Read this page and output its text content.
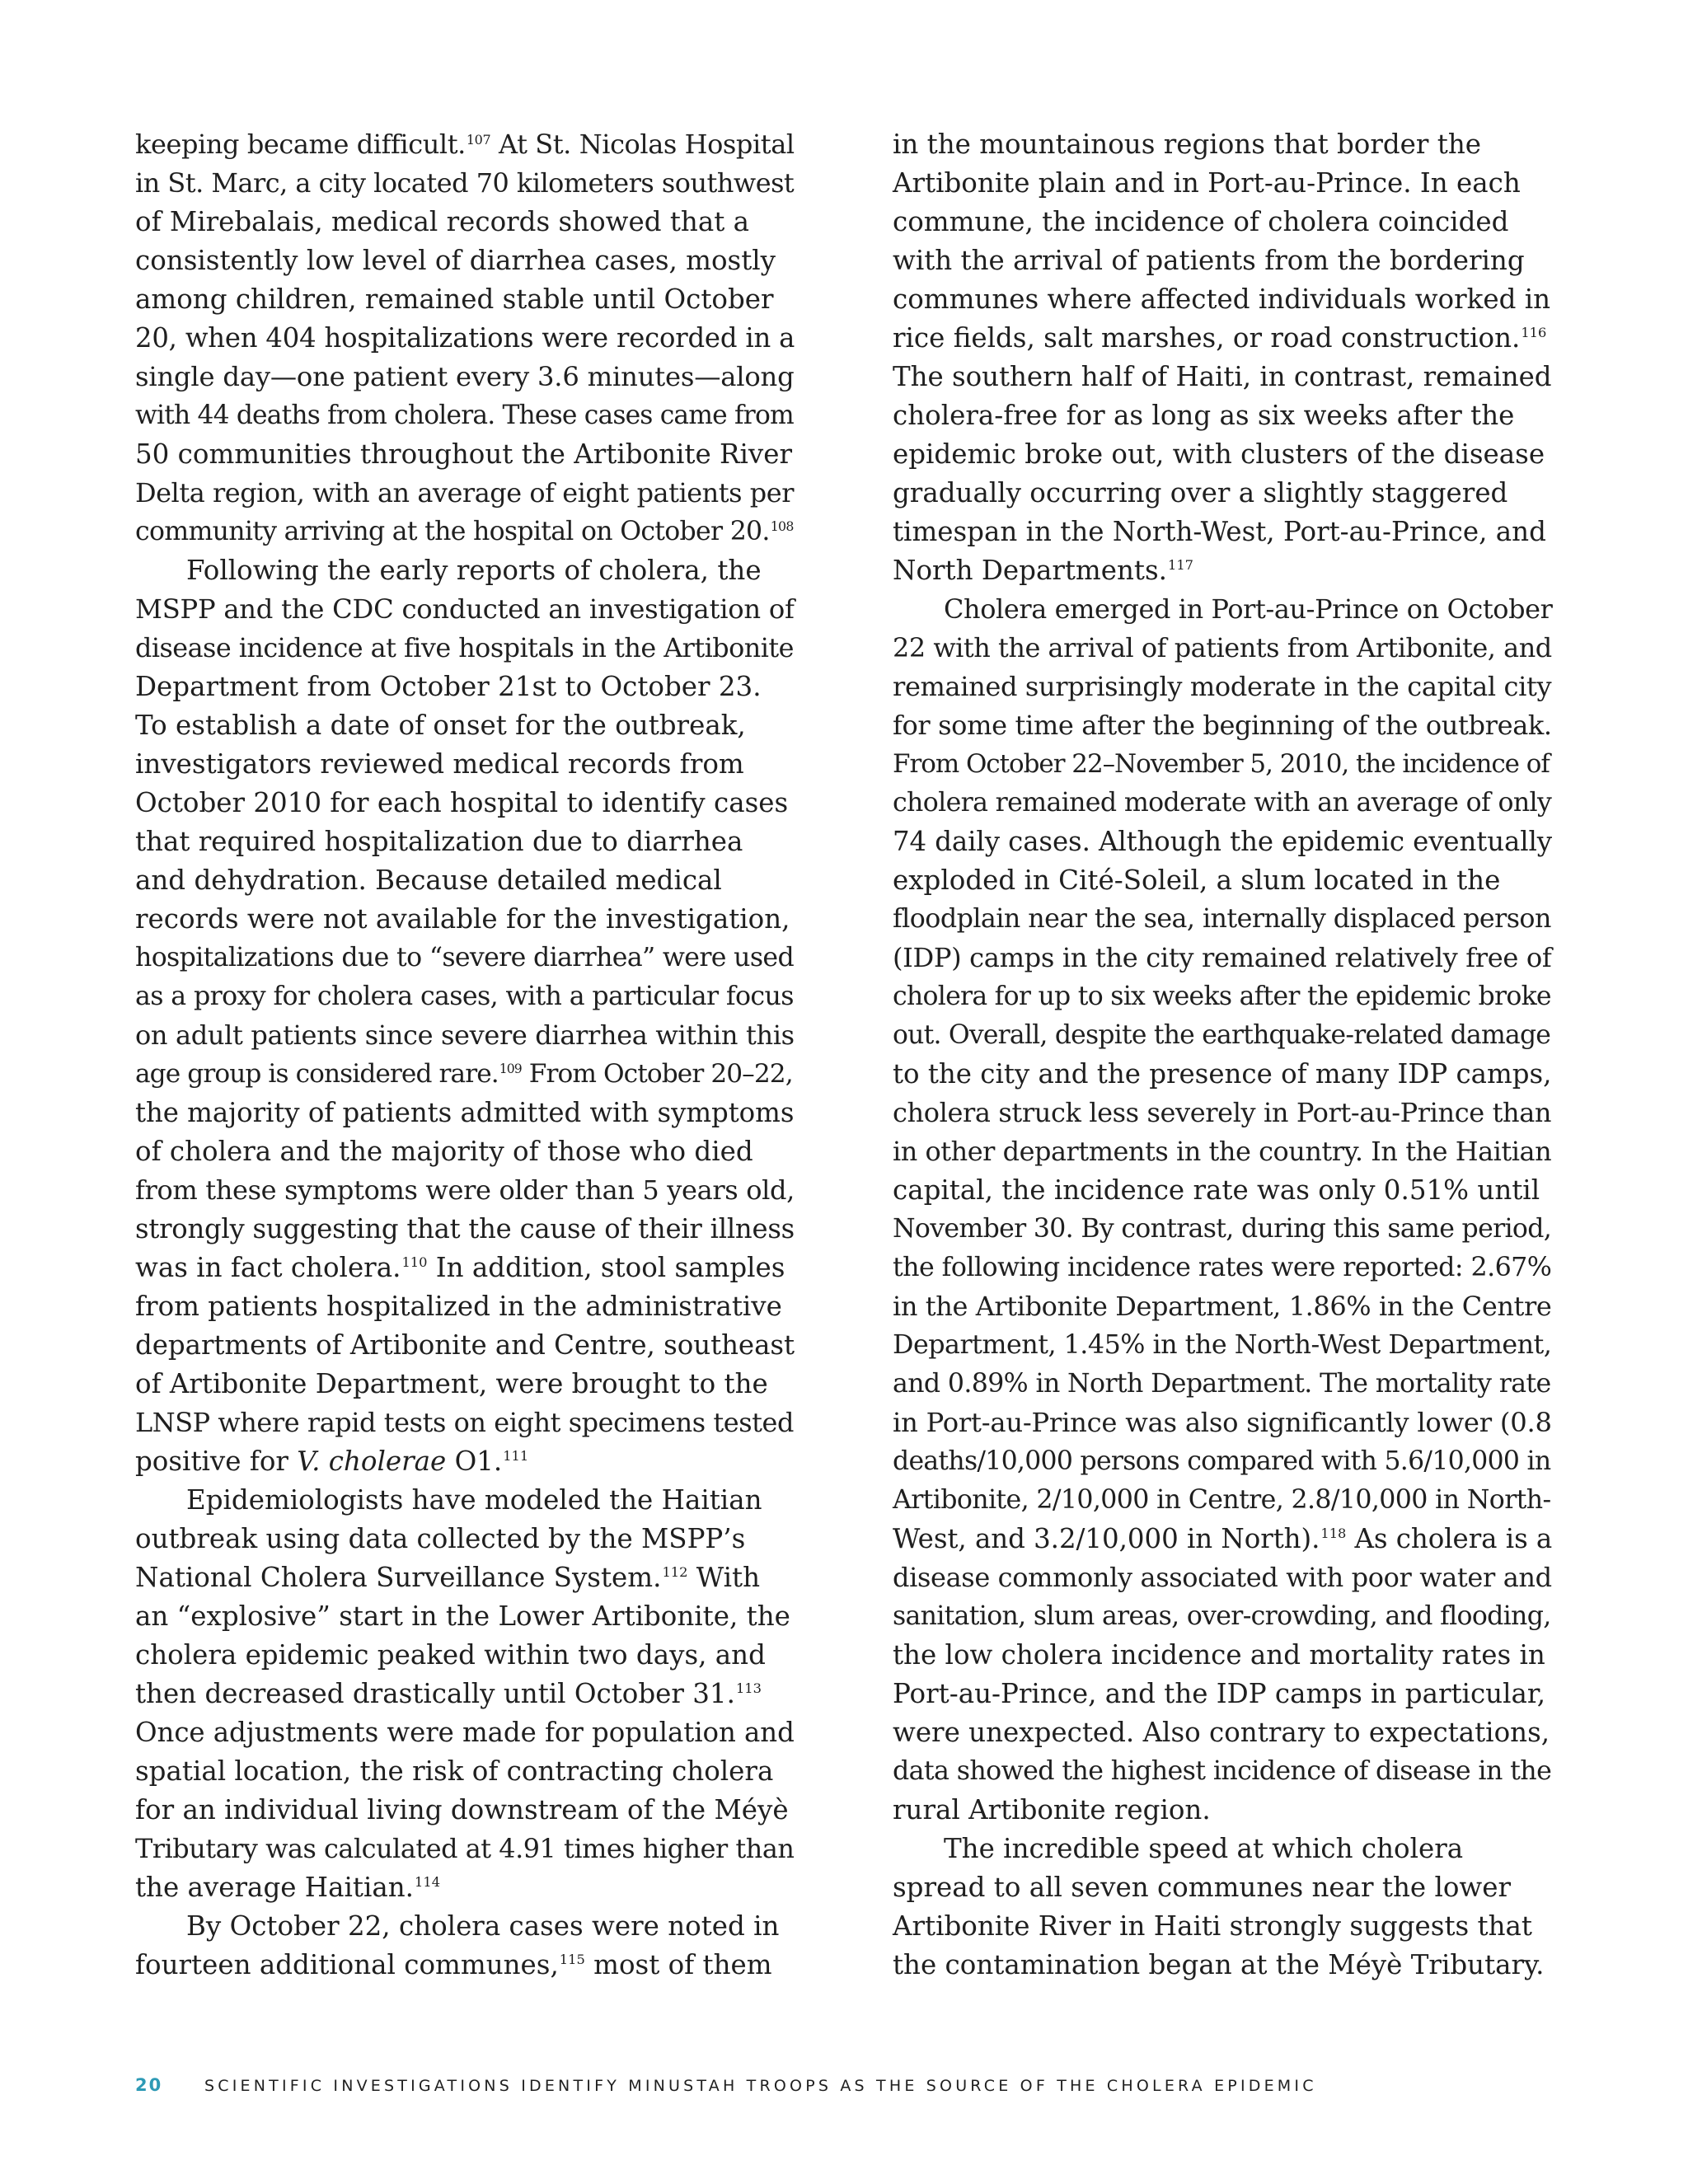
keeping became difficult.$^{107}$ At St. Nicolas Hospital
in St. Marc, a city located 70 kilometers southwest
of Mirebalais, medical records showed that a
consistently low level of diarrhea cases, mostly
among children, remained stable until October
20, when 404 hospitalizations were recorded in a
single day—one patient every 3.6 minutes—along
with 44 deaths from cholera. These cases came from
50 communities throughout the Artibonite River
Delta region, with an average of eight patients per
community arriving at the hospital on October 20.$^{108}$
Following the early reports of cholera, the
MSPP and the CDC conducted an investigation of
disease incidence at five hospitals in the Artibonite
Department from October 21st to October 23.
To establish a date of onset for the outbreak,
investigators reviewed medical records from
October 2010 for each hospital to identify cases
that required hospitalization due to diarrhea
and dehydration. Because detailed medical
records were not available for the investigation,
hospitalizations due to “severe diarrhea” were used
as a proxy for cholera cases, with a particular focus
on adult patients since severe diarrhea within this
age group is considered rare.$^{109}$ From October 20–22,
the majority of patients admitted with symptoms
of cholera and the majority of those who died
from these symptoms were older than 5 years old,
strongly suggesting that the cause of their illness
was in fact cholera.$^{110}$ In addition, stool samples
from patients hospitalized in the administrative
departments of Artibonite and Centre, southeast
of Artibonite Department, were brought to the
LNSP where rapid tests on eight specimens tested
positive for V. cholerae O1.$^{111}$
Epidemiologists have modeled the Haitian
outbreak using data collected by the MSPP’s
National Cholera Surveillance System.$^{112}$ With
an “explosive” start in the Lower Artibonite, the
cholera epidemic peaked within two days, and
then decreased drastically until October 31.$^{113}$
Once adjustments were made for population and
spatial location, the risk of contracting cholera
for an individual living downstream of the Méyè
Tributary was calculated at 4.91 times higher than
the average Haitian.$^{114}$
By October 22, cholera cases were noted in
fourteen additional communes,$^{115}$ most of them
in the mountainous regions that border the
Artibonite plain and in Port-au-Prince. In each
commune, the incidence of cholera coincided
with the arrival of patients from the bordering
communes where affected individuals worked in
rice fields, salt marshes, or road construction.$^{116}$
The southern half of Haiti, in contrast, remained
cholera-free for as long as six weeks after the
epidemic broke out, with clusters of the disease
gradually occurring over a slightly staggered
timespan in the North-West, Port-au-Prince, and
North Departments.$^{117}$
Cholera emerged in Port-au-Prince on October
22 with the arrival of patients from Artibonite, and
remained surprisingly moderate in the capital city
for some time after the beginning of the outbreak.
From October 22–November 5, 2010, the incidence of
cholera remained moderate with an average of only
74 daily cases. Although the epidemic eventually
exploded in Cité-Soleil, a slum located in the
floodplain near the sea, internally displaced person
(IDP) camps in the city remained relatively free of
cholera for up to six weeks after the epidemic broke
out. Overall, despite the earthquake-related damage
to the city and the presence of many IDP camps,
cholera struck less severely in Port-au-Prince than
in other departments in the country. In the Haitian
capital, the incidence rate was only 0.51% until
November 30. By contrast, during this same period,
the following incidence rates were reported: 2.67%
in the Artibonite Department, 1.86% in the Centre
Department, 1.45% in the North-West Department,
and 0.89% in North Department. The mortality rate
in Port-au-Prince was also significantly lower (0.8
deaths/10,000 persons compared with 5.6/10,000 in
Artibonite, 2/10,000 in Centre, 2.8/10,000 in North-
West, and 3.2/10,000 in North).$^{118}$ As cholera is a
disease commonly associated with poor water and
sanitation, slum areas, over-crowding, and flooding,
the low cholera incidence and mortality rates in
Port-au-Prince, and the IDP camps in particular,
were unexpected. Also contrary to expectations,
data showed the highest incidence of disease in the
rural Artibonite region.
The incredible speed at which cholera
spread to all seven communes near the lower
Artibonite River in Haiti strongly suggests that
the contamination began at the Méyè Tributary.
20	SCIENTIFIC INVESTIGATIONS IDENTIFY MINUSTAH TROOPS AS THE SOURCE OF THE CHOLERA EPIDEMIC
